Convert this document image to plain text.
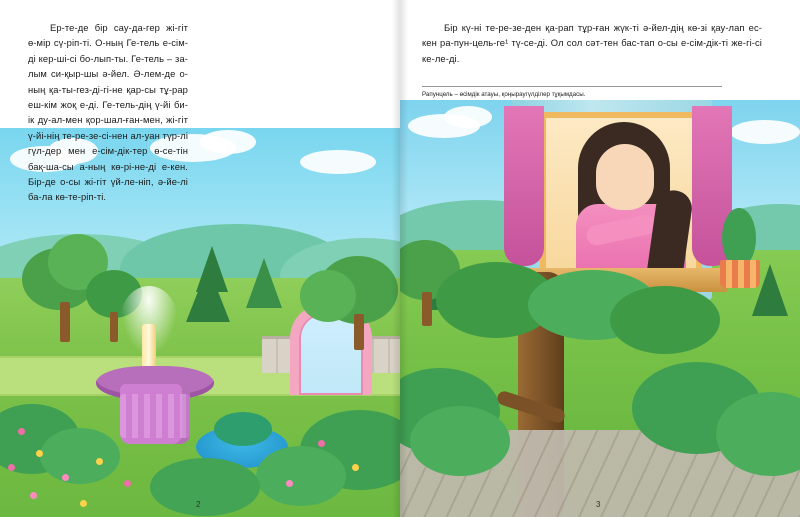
Ер-те-де бір сау-да-гер жі-гіт ө-мір сү-ріп-ті. О-ның Ге-тель е-сім-ді кер-ші-сі бо-лып-ты. Ге-тель – за-лым си-қыр-шы ә-йел. Ә-лем-де о-ның қа-ты-гез-ді-гі-не қар-сы тұ-рар еш-кім жоқ е-ді. Ге-тель-дің ү-йі би-ік ду-ал-мен қор-шал-ған-мен, жі-гіт ү-йі-нің те-ре-зе-сі-нен ал-уан түр-лі гүл-дер мен е-сім-дік-тер ө-се-тін бақ-ша-сы а-ның кө-рі-не-ді е-кен. Бір-де о-сы жі-гіт үй-ле-ніп, ә-йе-лі ба-ла кө-те-ріп-ті.

2

Бір кү-ні те-ре-зе-ден қа-рап тұр-ған жүк-ті ә-йел-дің кө-зі қау-лап ес-кен ра-пун-цель-ге¹ тү-се-ді. Ол сол сәт-тен бас-тап о-сы е-сім-дік-ті же-гі-сі ке-ле-ді.

Рапунцель – өсімдік атауы, қоңыраугүлділер тұқымдасы.
3
